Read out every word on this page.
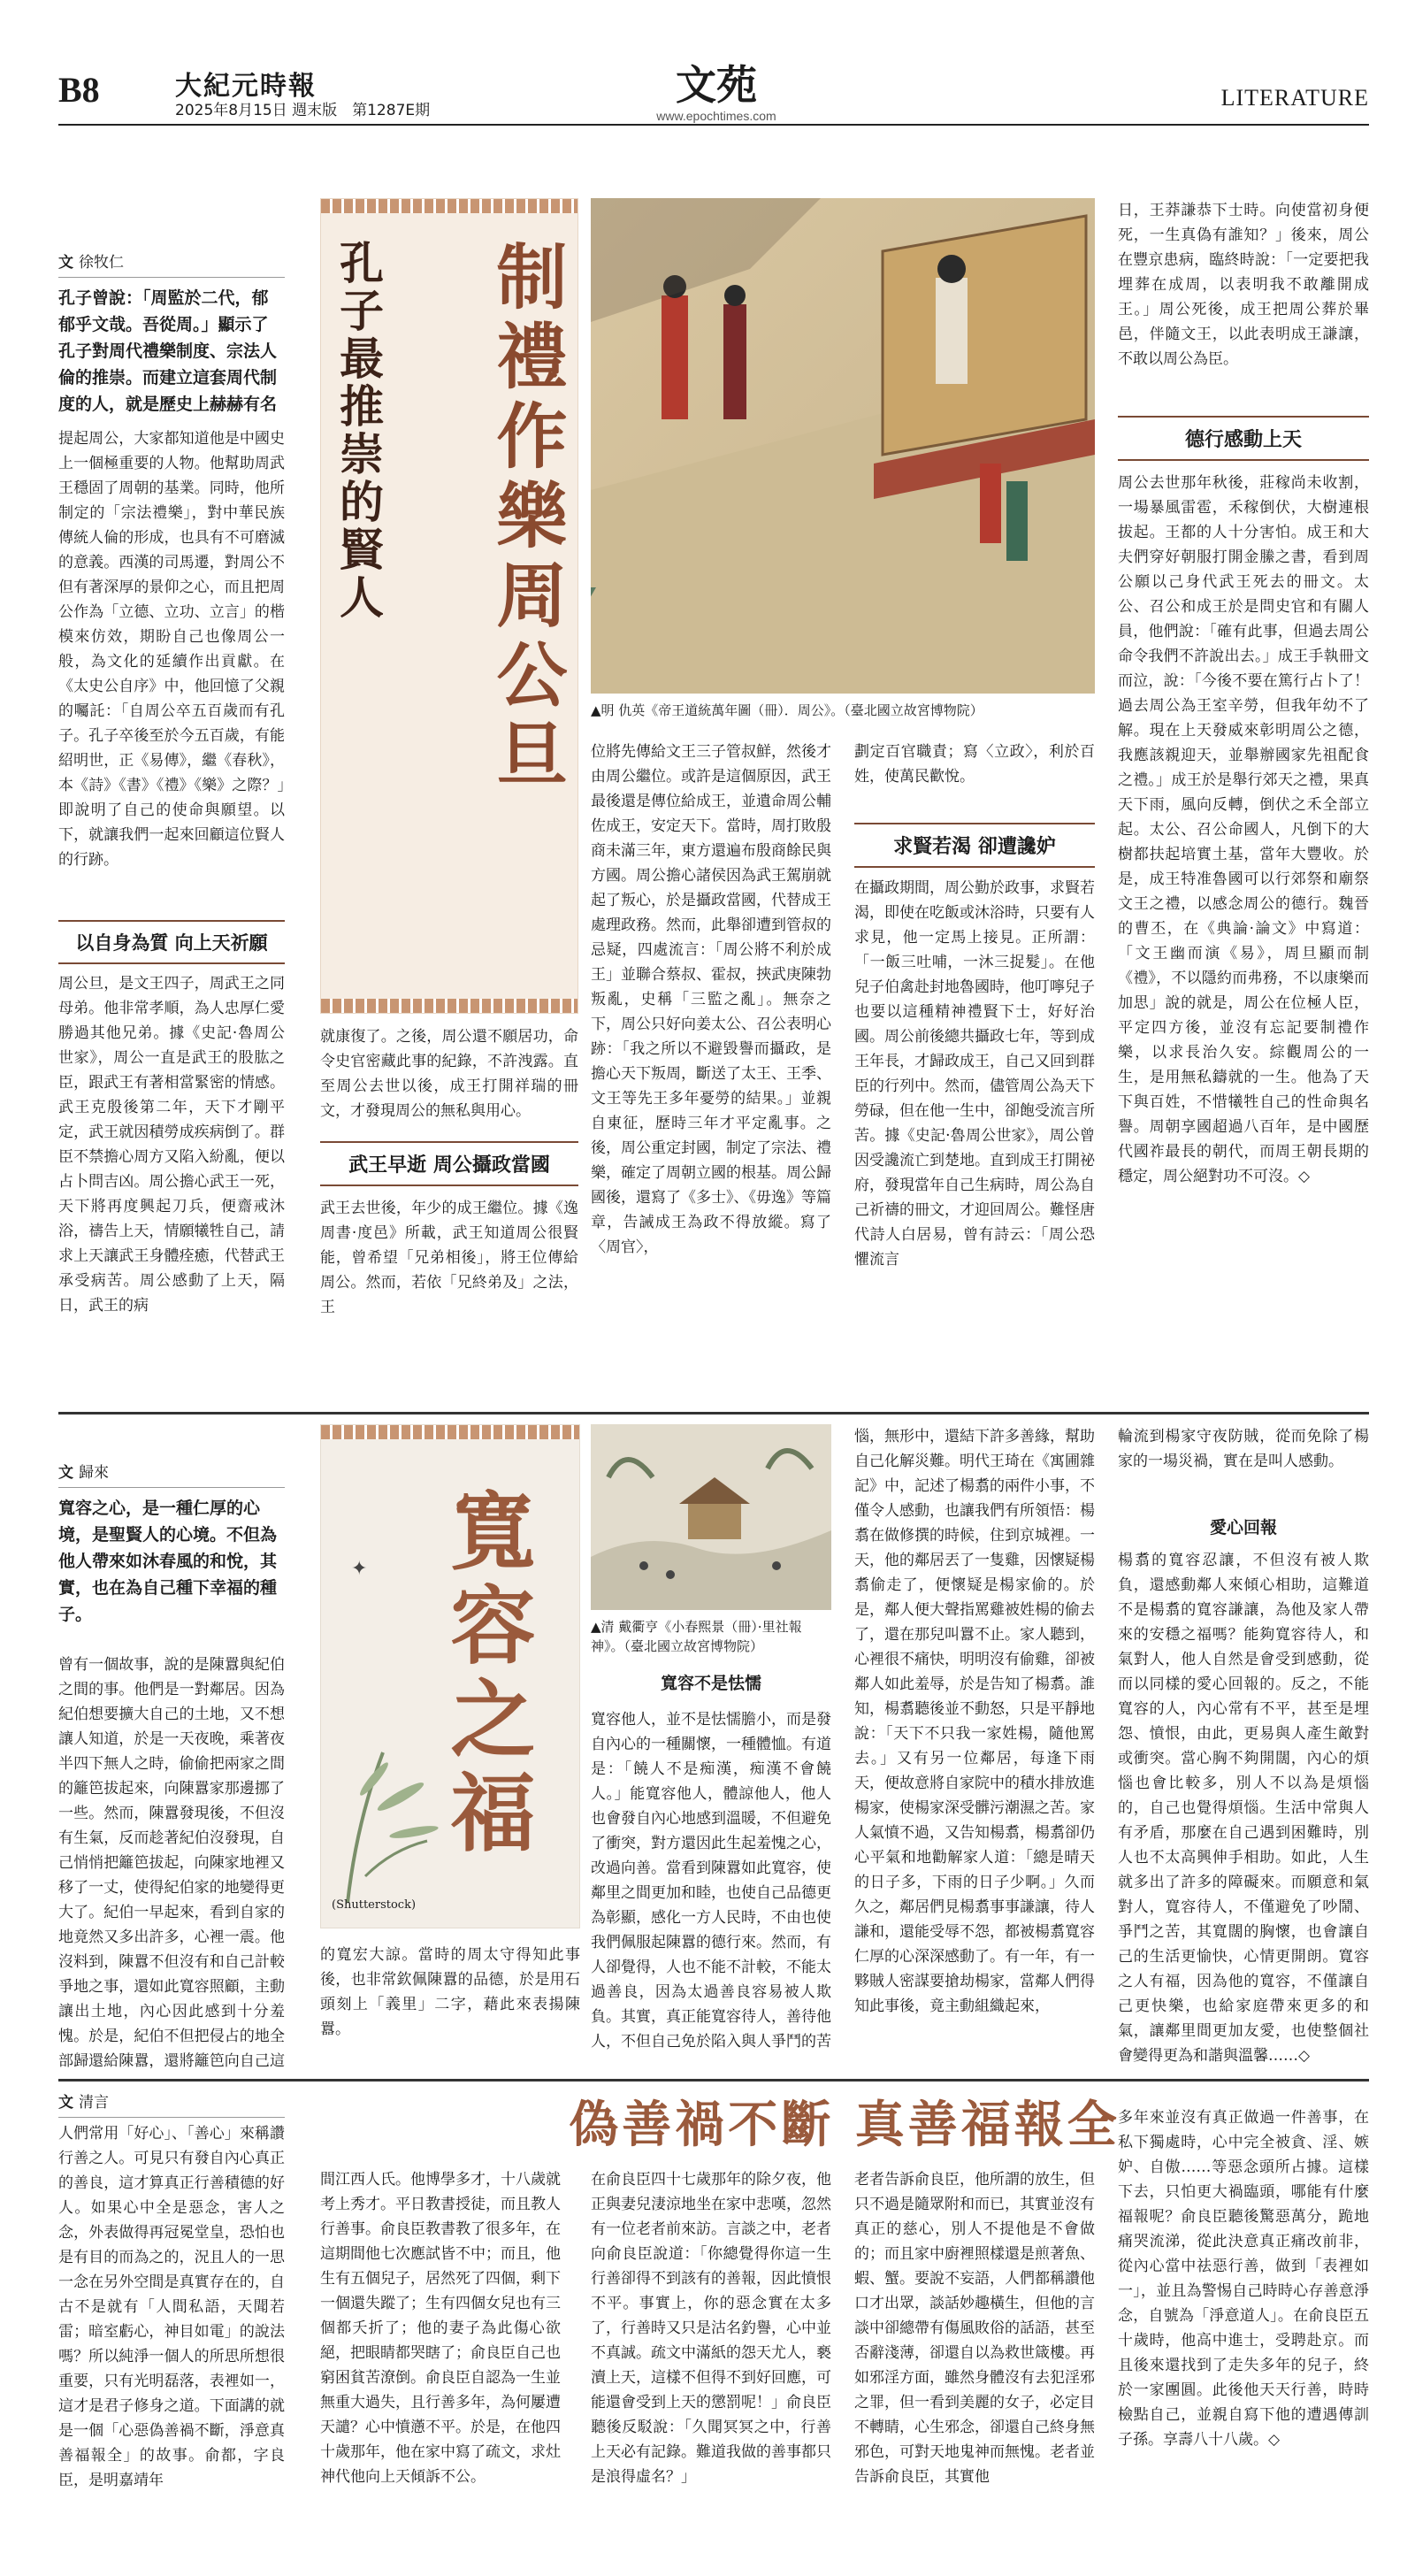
B8	大紀元時報
2025年8月15日 週末版　第1287E期
文苑
www.epochtimes.com
LITERATURE
文 徐牧仁
孔子曾說：「周監於二代，郁郁乎文哉。吾從周。」顯示了孔子對周代禮樂制度、宗法人倫的推崇。而建立這套周代制度的人，就是歷史上赫赫有名
提起周公，大家都知道他是中國史上一個極重要的人物。他幫助周武王穩固了周朝的基業。同時，他所制定的「宗法禮樂」，對中華民族傳統人倫的形成，也具有不可磨滅的意義。西漢的司馬遷，對周公不但有著深厚的景仰之心，而且把周公作為「立德、立功、立言」的楷模來仿效，期盼自己也像周公一般，為文化的延續作出貢獻。在《太史公自序》中，他回憶了父親的囑託：「自周公卒五百歲而有孔子。孔子卒後至於今五百歲，有能紹明世，正《易傳》，繼《春秋》，本《詩》《書》《禮》《樂》之際？」即說明了自己的使命與願望。以下，就讓我們一起來回顧這位賢人的行跡。
以自身為質 向上天祈願
周公旦，是文王四子，周武王之同母弟。他非常孝順，為人忠厚仁愛勝過其他兄弟。據《史記·魯周公世家》，周公一直是武王的股肱之臣，跟武王有著相當緊密的情感。武王克殷後第二年，天下才剛平定，武王就因積勞成疾病倒了。群臣不禁擔心周方又陷入紛亂，便以占卜問吉凶。周公擔心武王一死，天下將再度興起刀兵，便齋戒沐浴，禱告上天，情願犧牲自己，請求上天讓武王身體痊癒，代替武王承受病苦。周公感動了上天，隔日，武王的病
制禮作樂周公旦
孔子最推崇的賢人
▲明 仇英《帝王道統萬年圖（冊）．周公》。（臺北國立故宮博物院）
就康復了。之後，周公還不願居功，命令史官密藏此事的紀錄，不許洩露。直至周公去世以後，成王打開祥瑞的冊文，才發現周公的無私與用心。
武王早逝 周公攝政當國
武王去世後，年少的成王繼位。據《逸周書·度邑》所載，武王知道周公很賢能，曾希望「兄弟相後」，將王位傳給周公。然而，若依「兄終弟及」之法，王
位將先傳給文王三子管叔鮮，然後才由周公繼位。或許是這個原因，武王最後還是傳位給成王，並遺命周公輔佐成王，安定天下。當時，周打敗殷商未滿三年，東方還遍布殷商餘民與方國。周公擔心諸侯因為武王駕崩就起了叛心，於是攝政當國，代替成王處理政務。然而，此舉卻遭到管叔的忌疑，四處流言：「周公將不利於成王」並聯合蔡叔、霍叔，挾武庚陳勃叛亂，史稱「三監之亂」。無奈之下，周公只好向姜太公、召公表明心跡：「我之所以不避毀譽而攝政，是擔心天下叛周，斷送了太王、王季、文王等先王多年憂勞的結果。」並親自東征，歷時三年才平定亂事。之後，周公重定封國，制定了宗法、禮樂，確定了周朝立國的根基。周公歸國後，還寫了《多士》、《毋逸》等篇章，告誡成王為政不得放縱。寫了〈周官〉，
劃定百官職責；寫〈立政〉，利於百姓，使萬民歡悅。
求賢若渴 卻遭讒妒
在攝政期間，周公勤於政事，求賢若渴，即使在吃飯或沐浴時，只要有人求見，他一定馬上接見。正所謂：「一飯三吐哺，一沐三捉髮」。在他兒子伯禽赴封地魯國時，他叮嚀兒子也要以這種精神禮賢下士，好好治國。周公前後總共攝政七年，等到成王年長，才歸政成王，自己又回到群臣的行列中。然而，儘管周公為天下勞碌，但在他一生中，卻飽受流言所苦。據《史記·魯周公世家》，周公曾因受讒流亡到楚地。直到成王打開祕府，發現當年自己生病時，周公為自己祈禱的冊文，才迎回周公。難怪唐代詩人白居易，曾有詩云：「周公恐懼流言
日，王莽謙恭下士時。向使當初身便死，一生真偽有誰知？」後來，周公在豐京患病，臨終時說：「一定要把我埋葬在成周，以表明我不敢離開成王。」周公死後，成王把周公葬於畢邑，伴隨文王，以此表明成王謙讓，不敢以周公為臣。
德行感動上天
周公去世那年秋後，莊稼尚未收割，一場暴風雷雹，禾稼倒伏，大樹連根拔起。王都的人十分害怕。成王和大夫們穿好朝服打開金縢之書，看到周公願以己身代武王死去的冊文。太公、召公和成王於是問史官和有關人員，他們說：「確有此事，但過去周公命令我們不許說出去。」成王手執冊文而泣，說：「今後不要在篤行占卜了！過去周公為王室辛勞，但我年幼不了解。現在上天發威來彰明周公之德，我應該親迎天，並舉辦國家先祖配食之禮。」成王於是舉行郊天之禮，果真天下雨，風向反轉，倒伏之禾全部立起。太公、召公命國人，凡倒下的大樹都扶起培實土基，當年大豐收。於是，成王特准魯國可以行郊祭和廟祭文王之禮，以感念周公的德行。魏晉的曹丕，在《典論·論文》中寫道：「文王幽而演《易》，周旦顯而制《禮》，不以隱約而弗務，不以康樂而加思」說的就是，周公在位極人臣，平定四方後，並沒有忘記要制禮作樂，以求長治久安。綜觀周公的一生，是用無私鑄就的一生。他為了天下與百姓，不惜犧牲自己的性命與名譽。周朝享國超過八百年，是中國歷代國祚最長的朝代，而周王朝長期的穩定，周公絕對功不可沒。◇
文 歸來
寬容之心，是一種仁厚的心境，是聖賢人的心境。不但為他人帶來如沐春風的和悅，其實，也在為自己種下幸福的種子。
曾有一個故事，說的是陳囂與紀伯之間的事。他們是一對鄰居。因為紀伯想要擴大自己的土地，又不想讓人知道，於是一天夜晚，乘著夜半四下無人之時，偷偷把兩家之間的籬笆拔起來，向陳囂家那邊挪了一些。然而，陳囂發現後，不但沒有生氣，反而趁著紀伯沒發現，自己悄悄把籬笆拔起，向陳家地裡又移了一丈，使得紀伯家的地變得更大了。紀伯一早起來，看到自家的地竟然又多出許多，心裡一震。他沒料到，陳囂不但沒有和自己計較爭地之事，還如此寬容照顧，主動讓出土地，內心因此感到十分羞愧。於是，紀伯不但把侵占的地全部歸還給陳囂，還將籬笆向自己這
寬容之福
✦
(Shutterstock)
的寬宏大諒。當時的周太守得知此事後，也非常欽佩陳囂的品德，於是用石頭刻上「義里」二字，藉此來表揚陳囂。
▲清 戴衢亨《小春熙景（冊）·里社報神》。（臺北國立故宮博物院）
寬容不是怯懦
寬容他人，並不是怯懦膽小，而是發自內心的一種關懷，一種體恤。有道是：「饒人不是痴漢，痴漢不會饒人。」能寬容他人，體諒他人，他人也會發自內心地感到溫暖，不但避免了衝突，對方還因此生起羞愧之心，改過向善。當看到陳囂如此寬容，使鄰里之間更加和睦，也使自己品德更為彰顯，感化一方人民時，不由也使我們佩服起陳囂的德行來。然而，有人卻覺得，人也不能不計較，不能太過善良，因為太過善良容易被人欺負。其實，真正能寬容待人，善待他人，不但自己免於陷入與人爭鬥的苦
惱，無形中，還結下許多善緣，幫助自己化解災難。明代王琦在《寓圃雜記》中，記述了楊翥的兩件小事，不僅令人感動，也讓我們有所領悟：楊翥在做修撰的時候，住到京城裡。一天，他的鄰居丟了一隻雞，因懷疑楊翥偷走了，便懷疑是楊家偷的。於是，鄰人便大聲指罵雞被姓楊的偷去了，還在那兒叫囂不止。家人聽到，心裡很不痛快，明明沒有偷雞，卻被鄰人如此羞辱，於是告知了楊翥。誰知，楊翥聽後並不動怒，只是平靜地說：「天下不只我一家姓楊，隨他罵去。」又有另一位鄰居，每逢下雨天，便故意將自家院中的積水排放進楊家，使楊家深受髒污潮濕之苦。家人氣憤不過，又告知楊翥，楊翥卻仍心平氣和地勸解家人道：「總是晴天的日子多，下雨的日子少啊。」久而久之，鄰居們見楊翥事事謙讓，待人謙和，還能受辱不怨，都被楊翥寬容仁厚的心深深感動了。有一年，有一夥賊人密謀要搶劫楊家，當鄰人們得知此事後，竟主動組織起來，
輪流到楊家守夜防賊，從而免除了楊家的一場災禍，實在是叫人感動。
愛心回報
楊翥的寬容忍讓，不但沒有被人欺負，還感動鄰人來傾心相助，這難道不是楊翥的寬容謙讓，為他及家人帶來的安穩之福嗎？能夠寬容待人，和氣對人，他人自然是會受到感動，從而以同樣的愛心回報的。反之，不能寬容的人，內心常有不平，甚至是埋怨、憤恨，由此，更易與人產生敵對或衝突。當心胸不夠開闊，內心的煩惱也會比較多，別人不以為是煩惱的，自己也覺得煩惱。生活中常與人有矛盾，那麼在自己遇到困難時，別人也不太高興伸手相助。如此，人生就多出了許多的障礙來。而願意和氣對人，寬容待人，不僅避免了吵鬧、爭鬥之苦，其寬闊的胸懷，也會讓自己的生活更愉快，心情更開朗。寬容之人有福，因為他的寬容，不僅讓自己更快樂，也給家庭帶來更多的和氣，讓鄰里間更加友愛，也使整個社會變得更為和諧與溫馨……◇
文 清言	偽善禍不斷 真善福報全
人們常用「好心」、「善心」來稱讚行善之人。可見只有發自內心真正的善良，這才算真正行善積德的好人。如果心中全是惡念，害人之念，外表做得再冠冕堂皇，恐怕也是有目的而為之的，況且人的一思一念在另外空間是真實存在的，自古不是就有「人間私語，天聞若雷；暗室虧心，神目如電」的說法嗎？所以純淨一個人的所思所想很重要，只有光明磊落，表裡如一，這才是君子修身之道。下面講的就是一個「心惡偽善禍不斷，淨意真善福報全」的故事。俞都，字良臣，是明嘉靖年
間江西人氏。他博學多才，十八歲就考上秀才。平日教書授徒，而且教人行善事。俞良臣教書教了很多年，在這期間他七次應試皆不中；而且，他生有五個兒子，居然死了四個，剩下一個還失蹤了；生有四個女兒也有三個都夭折了；他的妻子為此傷心欲絕，把眼睛都哭瞎了；俞良臣自己也窮困貧苦潦倒。俞良臣自認為一生並無重大過失，且行善多年，為何屢遭天譴？心中憤懣不平。於是，在他四十歲那年，他在家中寫了疏文，求灶神代他向上天傾訴不公。
在俞良臣四十七歲那年的除夕夜，他正與妻兒淒涼地坐在家中悲嘆，忽然有一位老者前來訪。言談之中，老者向俞良臣說道：「你總覺得你這一生行善卻得不到該有的善報，因此憤恨不平。事實上，你的惡念實在太多了，行善時又只是沽名釣譽，心中並不真誠。疏文中滿紙的怨天尤人，褻瀆上天，這樣不但得不到好回應，可能還會受到上天的懲罰呢！」俞良臣聽後反駁說：「久聞冥冥之中，行善上天必有記錄。難道我做的善事都只是浪得虛名？」
老者告訴俞良臣，他所謂的放生，但只不過是隨眾附和而已，其實並沒有真正的慈心，別人不提他是不會做的；而且家中廚裡照樣還是煎著魚、蝦、蟹。要說不妄語，人們都稱讚他口才出眾，談話妙趣橫生，但他的言談中卻總帶有傷風敗俗的話語，甚至否辭淺薄，卻還自以為救世箴樓。再如邪淫方面，雖然身體沒有去犯淫邪之罪，但一看到美麗的女子，必定目不轉睛，心生邪念，卻還自己終身無邪色，可對天地鬼神而無愧。老者並告訴俞良臣，其實他
多年來並沒有真正做過一件善事，在私下獨處時，心中完全被貪、淫、嫉妒、自傲……等惡念頭所占據。這樣下去，只怕更大禍臨頭，哪能有什麼福報呢？俞良臣聽後驚惡萬分，跪地痛哭流涕，從此決意真正痛改前非，從內心當中祛惡行善，做到「表裡如一」，並且為警惕自己時時心存善意淨念，自號為「淨意道人」。在俞良臣五十歲時，他高中進士，受聘赴京。而且後來還找到了走失多年的兒子，終於一家團圓。此後他天天行善，時時檢點自己，並親自寫下他的遭遇傳訓子孫。享壽八十八歲。◇
